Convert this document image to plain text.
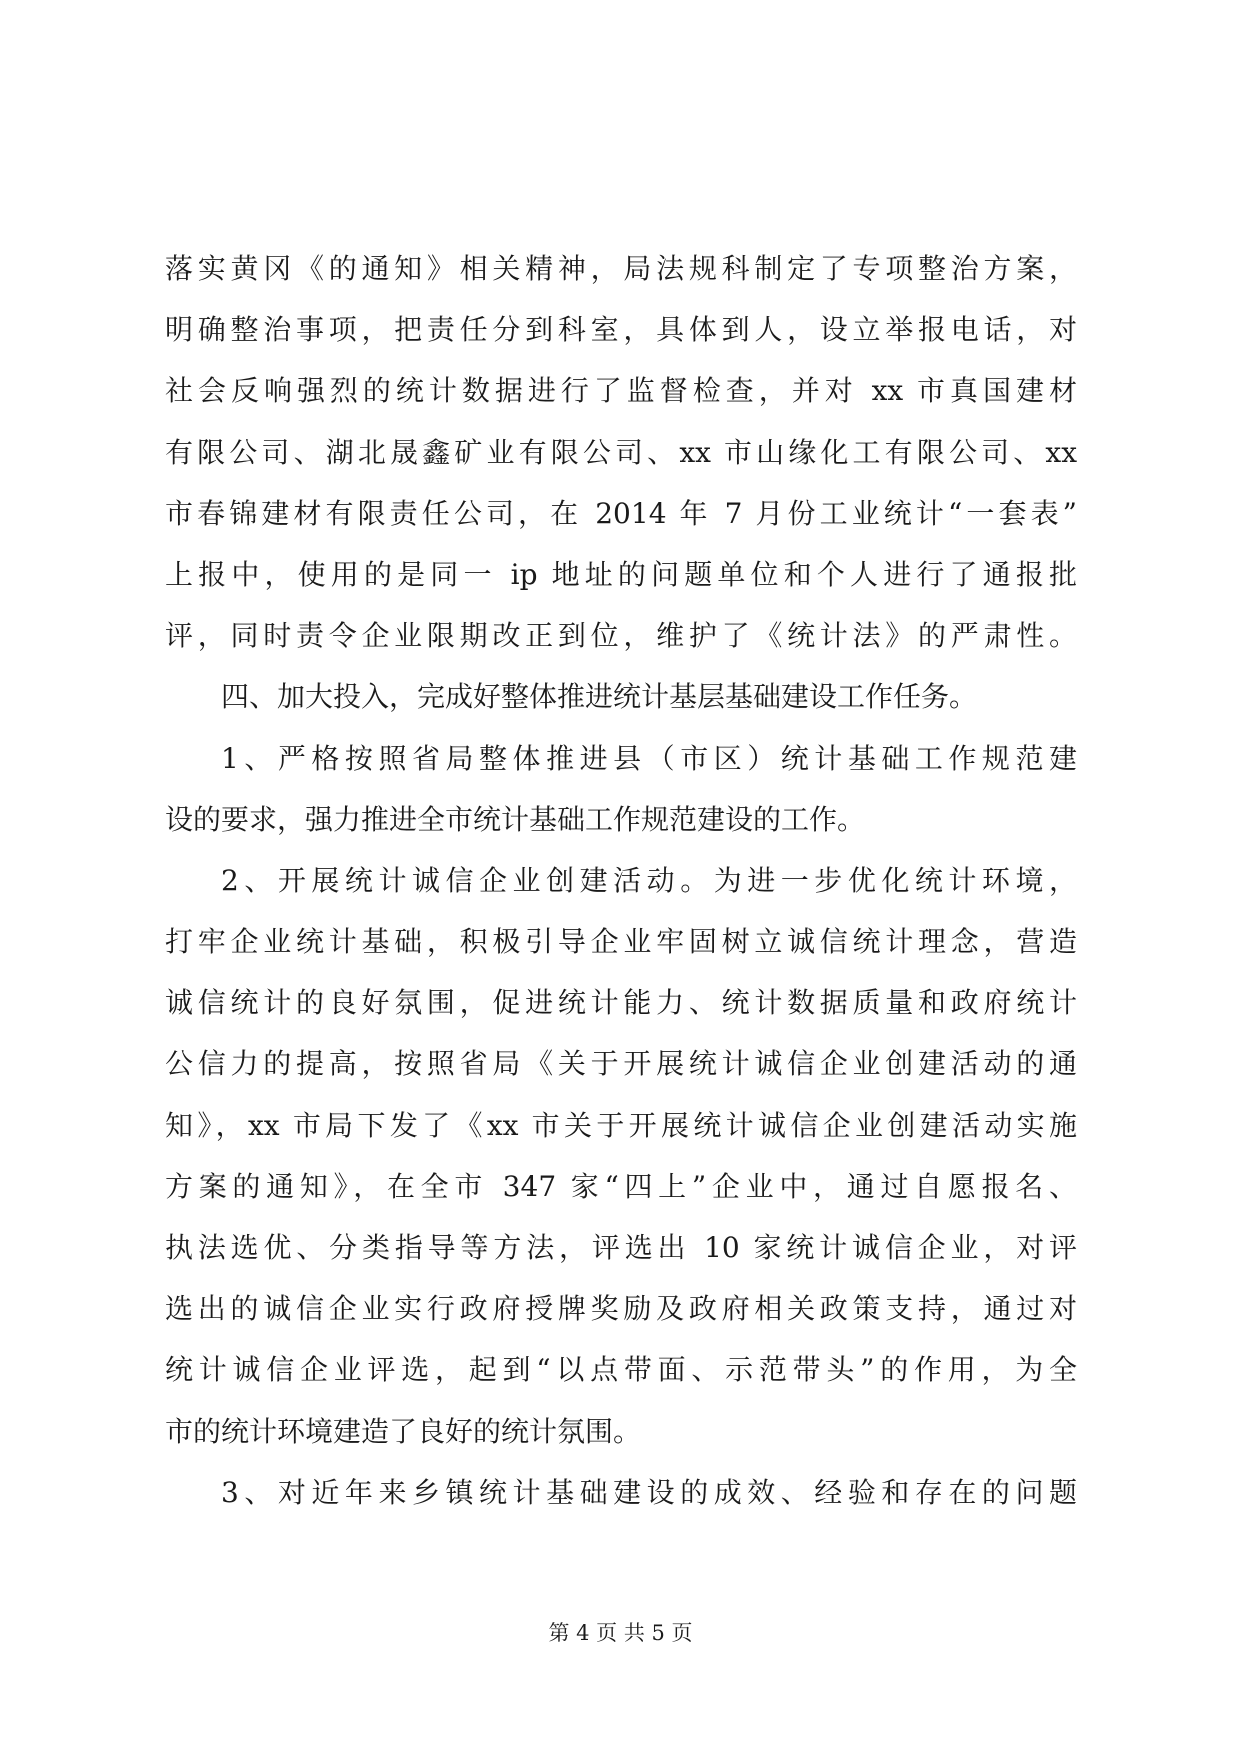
落实黄冈《的通知》相关精神，局法规科制定了专项整治方案，
明确整治事项，把责任分到科室，具体到人，设立举报电话，对
社会反响强烈的统计数据进行了监督检查，并对 xx 市真国建材
有限公司、湖北晟鑫矿业有限公司、xx 市山缘化工有限公司、xx
市春锦建材有限责任公司，在 2014 年 7 月份工业统计“一套表”
上报中，使用的是同一 ip 地址的问题单位和个人进行了通报批
评，同时责令企业限期改正到位，维护了《统计法》的严肃性。
四、加大投入，完成好整体推进统计基层基础建设工作任务。
1、严格按照省局整体推进县（市区）统计基础工作规范建
设的要求，强力推进全市统计基础工作规范建设的工作。
2、开展统计诚信企业创建活动。为进一步优化统计环境，
打牢企业统计基础，积极引导企业牢固树立诚信统计理念，营造
诚信统计的良好氛围，促进统计能力、统计数据质量和政府统计
公信力的提高，按照省局《关于开展统计诚信企业创建活动的通
知》，xx 市局下发了《xx 市关于开展统计诚信企业创建活动实施
方案的通知》，在全市 347 家“四上”企业中，通过自愿报名、
执法选优、分类指导等方法，评选出 10 家统计诚信企业，对评
选出的诚信企业实行政府授牌奖励及政府相关政策支持，通过对
统计诚信企业评选，起到“以点带面、示范带头”的作用，为全
市的统计环境建造了良好的统计氛围。
3、对近年来乡镇统计基础建设的成效、经验和存在的问题
第 4 页 共 5 页
